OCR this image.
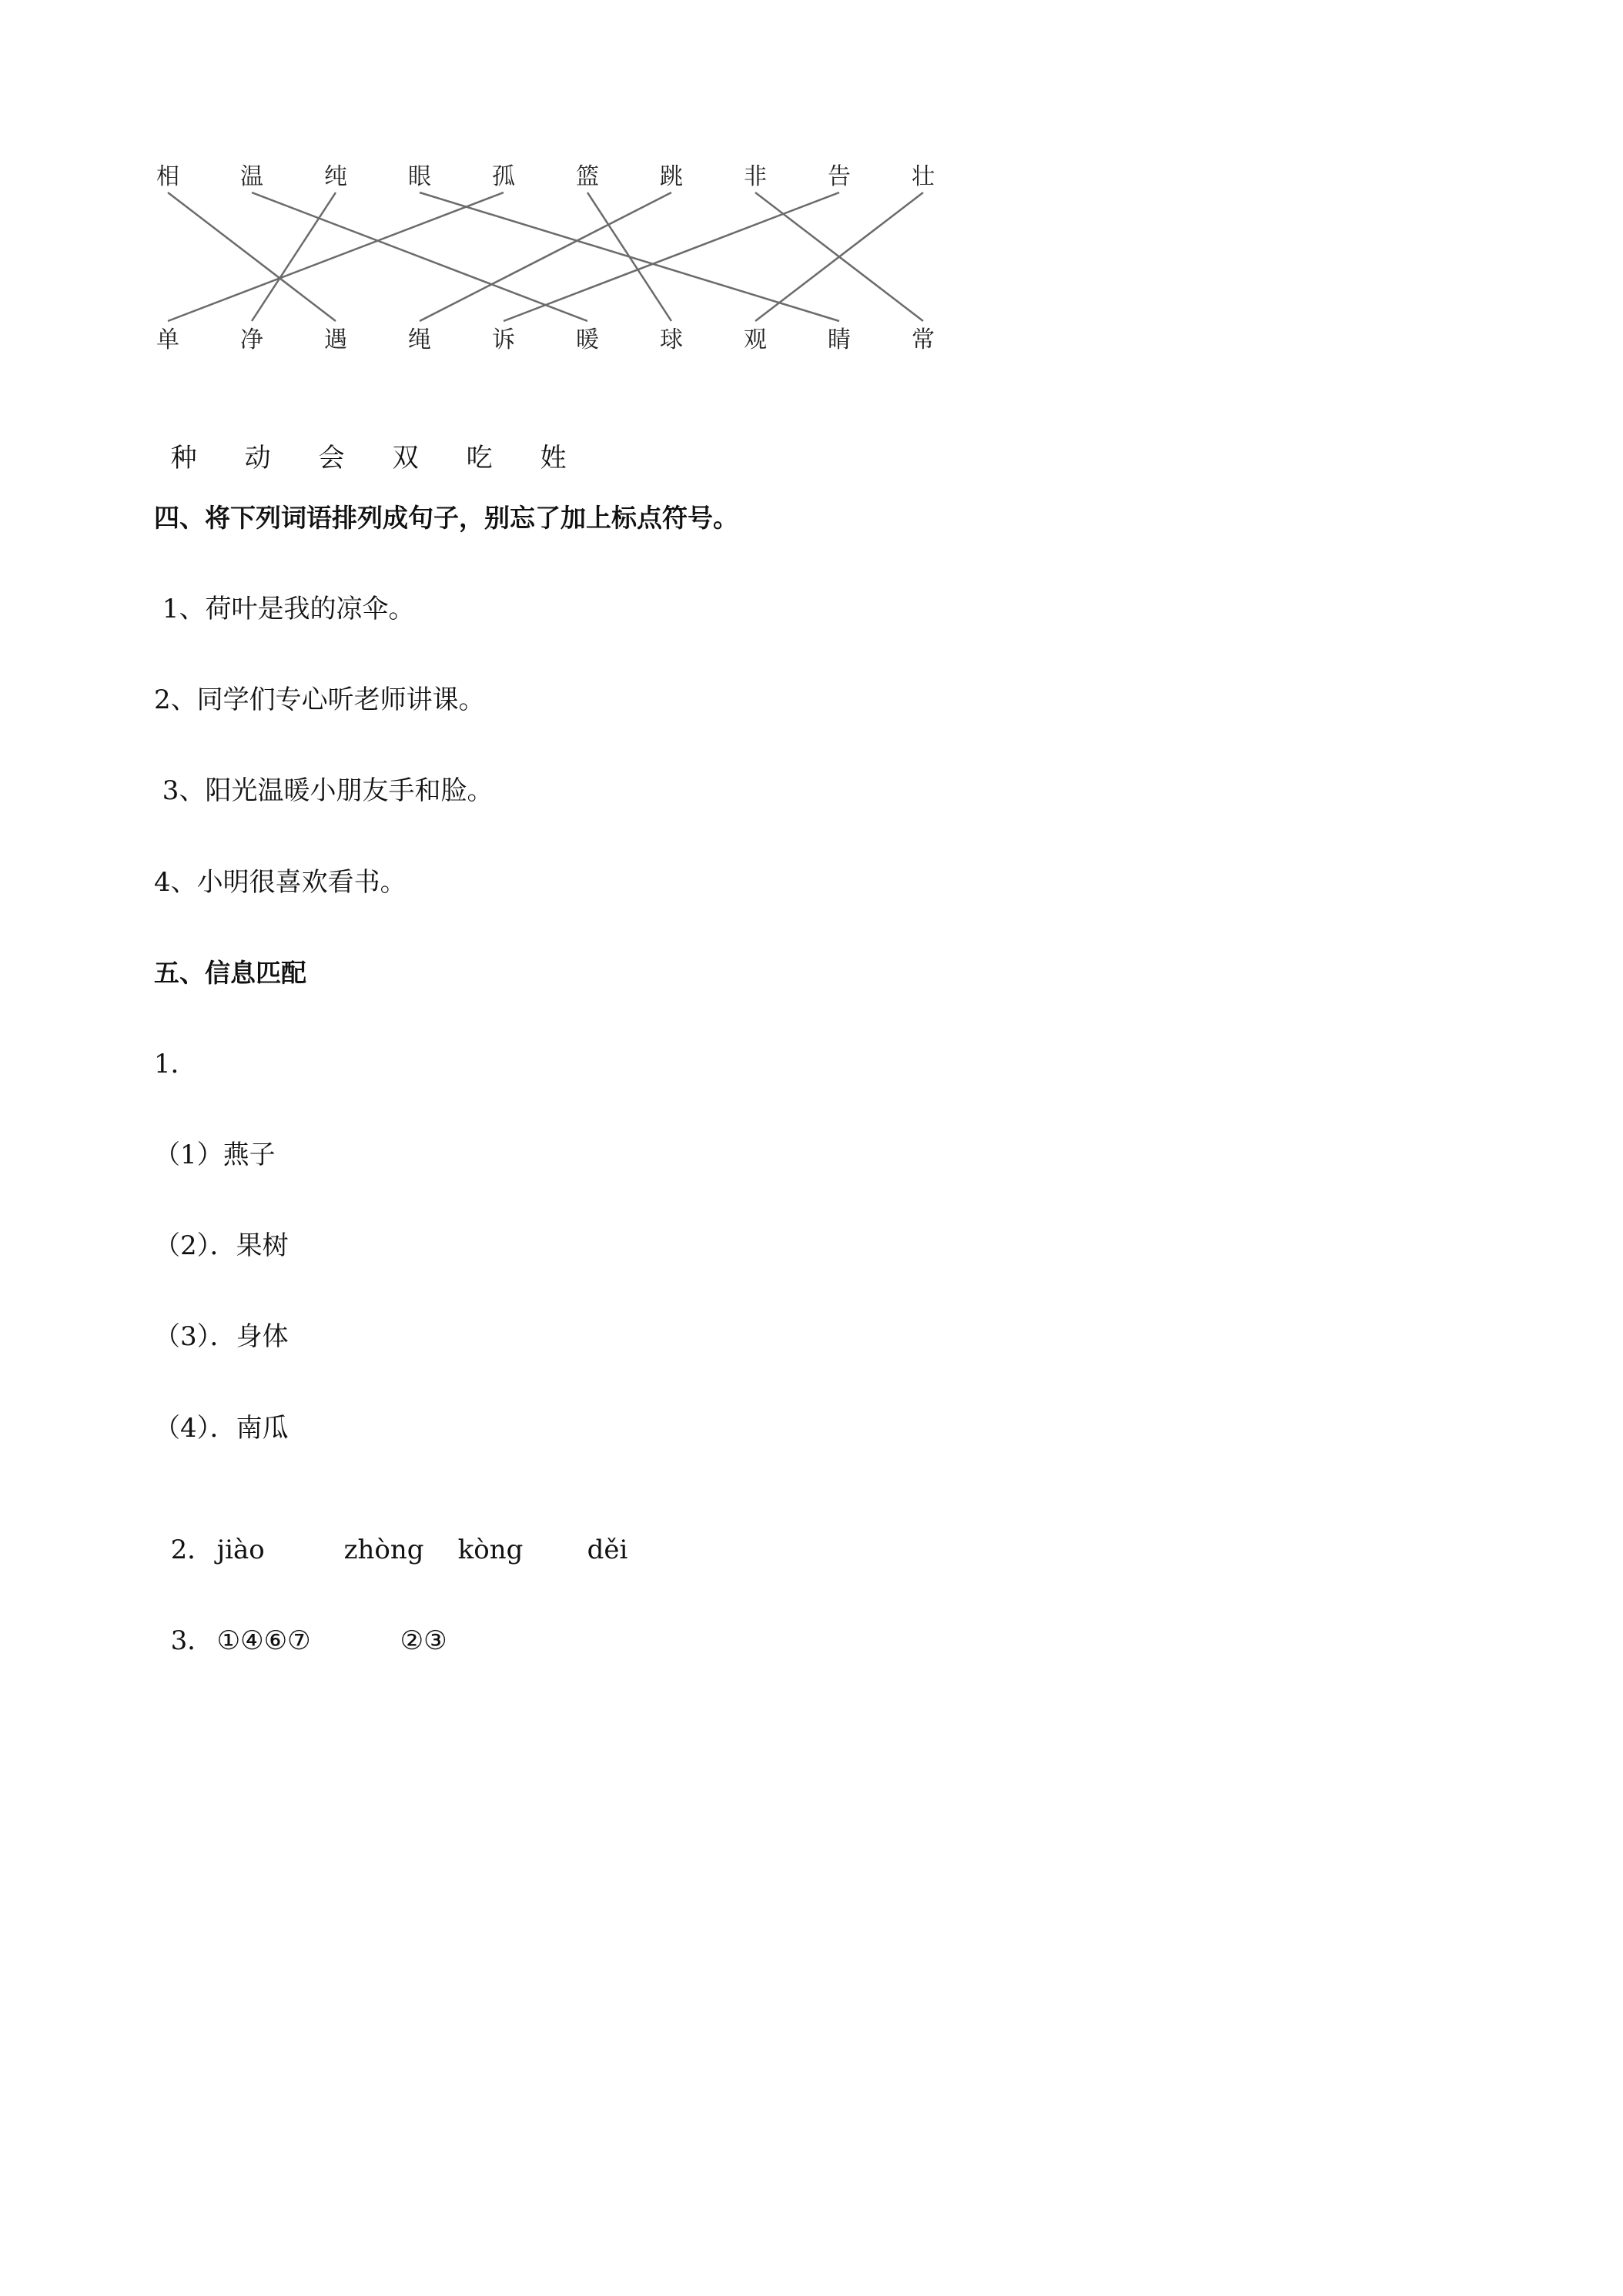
相	温	纯	眼	孤	篮	跳	非	告	壮
单	净	遇	绳	诉	暖	球	观	睛	常

种 动 会 双 吃 姓

四、将下列词语排列成句子，别忘了加上标点符号。
1、荷叶是我的凉伞。
2、同学们专心听老师讲课。
3、阳光温暖小朋友手和脸。
4、小明很喜欢看书。
五、信息匹配
1．
（1）燕子
（2）．果树
（3）．身体
（4）．南瓜

2． jiào	zhòng kòng děi

3． ①④⑥⑦	②③
